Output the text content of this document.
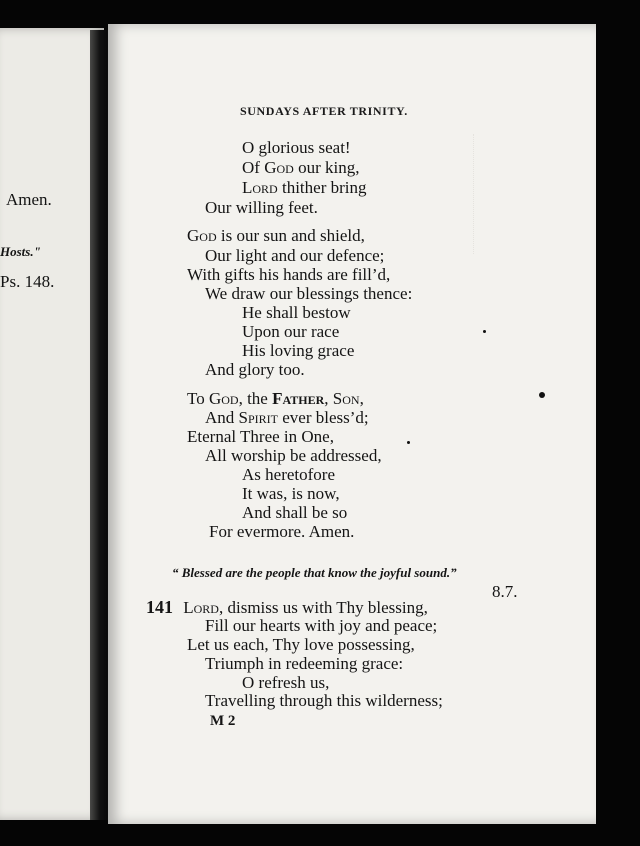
Amen.
Hosts."
Ps. 148.
SUNDAYS AFTER TRINITY.
O glorious seat!
Of God our king,
Lord thither bring
Our willing feet.
God is our sun and shield,
Our light and our defence;
With gifts his hands are fill’d,
We draw our blessings thence:
He shall bestow
Upon our race
His loving grace
And glory too.
To God, the Father, Son,
And Spirit ever bless’d;
Eternal Three in One,
All worship be addressed,
As heretofore
It was, is now,
And shall be so
For evermore. Amen.
“ Blessed are the people that know the joyful sound.”
8.7.
141 Lord, dismiss us with Thy blessing,
Fill our hearts with joy and peace;
Let us each, Thy love possessing,
Triumph in redeeming grace:
O refresh us,
Travelling through this wilderness;
M 2
